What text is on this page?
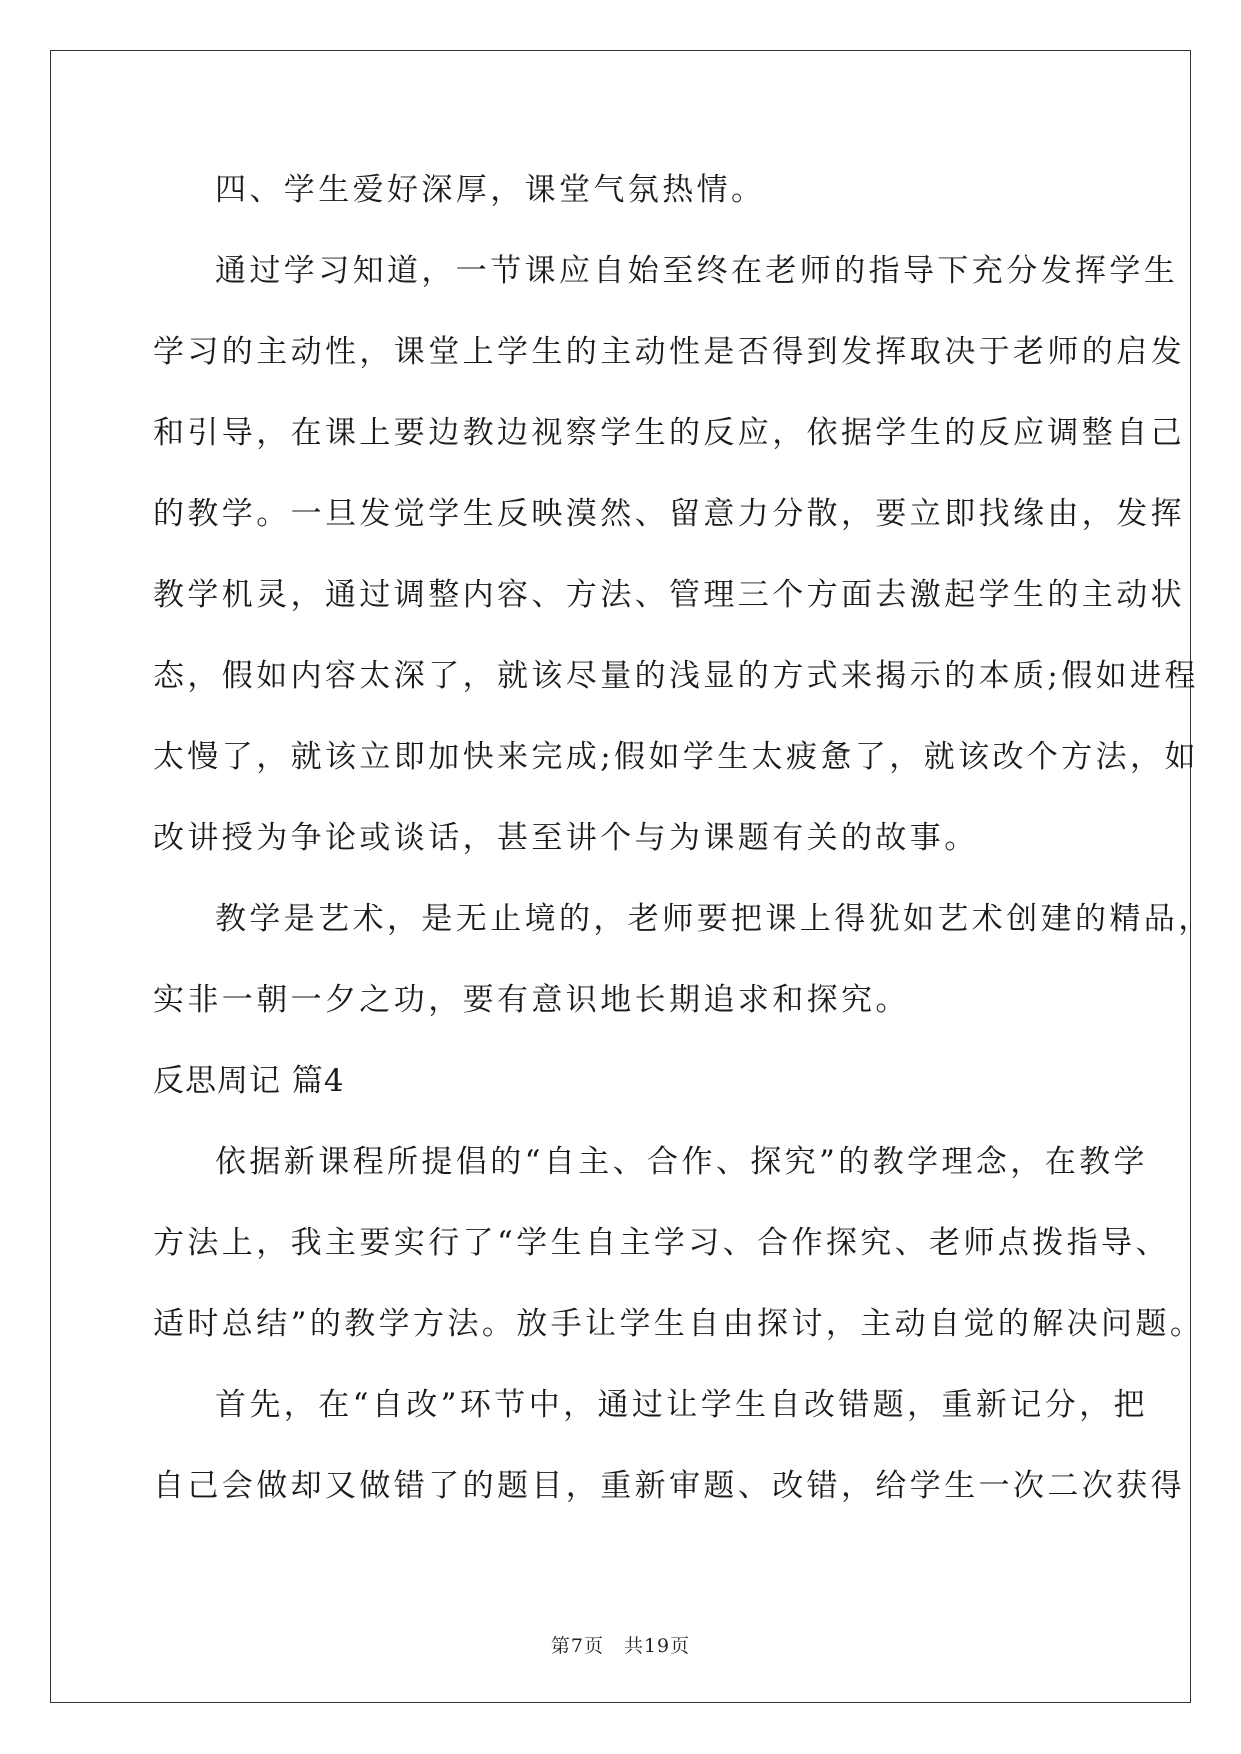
四、学生爱好深厚，课堂气氛热情。
通过学习知道，一节课应自始至终在老师的指导下充分发挥学生
学习的主动性，课堂上学生的主动性是否得到发挥取决于老师的启发
和引导，在课上要边教边视察学生的反应，依据学生的反应调整自己
的教学。一旦发觉学生反映漠然、留意力分散，要立即找缘由，发挥
教学机灵，通过调整内容、方法、管理三个方面去激起学生的主动状
态，假如内容太深了，就该尽量的浅显的方式来揭示的本质;假如进程
太慢了，就该立即加快来完成;假如学生太疲惫了，就该改个方法，如
改讲授为争论或谈话，甚至讲个与为课题有关的故事。
教学是艺术，是无止境的，老师要把课上得犹如艺术创建的精品，
实非一朝一夕之功，要有意识地长期追求和探究。
反思周记 篇4
依据新课程所提倡的“自主、合作、探究”的教学理念，在教学
方法上，我主要实行了“学生自主学习、合作探究、老师点拨指导、
适时总结”的教学方法。放手让学生自由探讨，主动自觉的解决问题。
首先，在“自改”环节中，通过让学生自改错题，重新记分，把
自己会做却又做错了的题目，重新审题、改错，给学生一次二次获得
第7页　共19页
